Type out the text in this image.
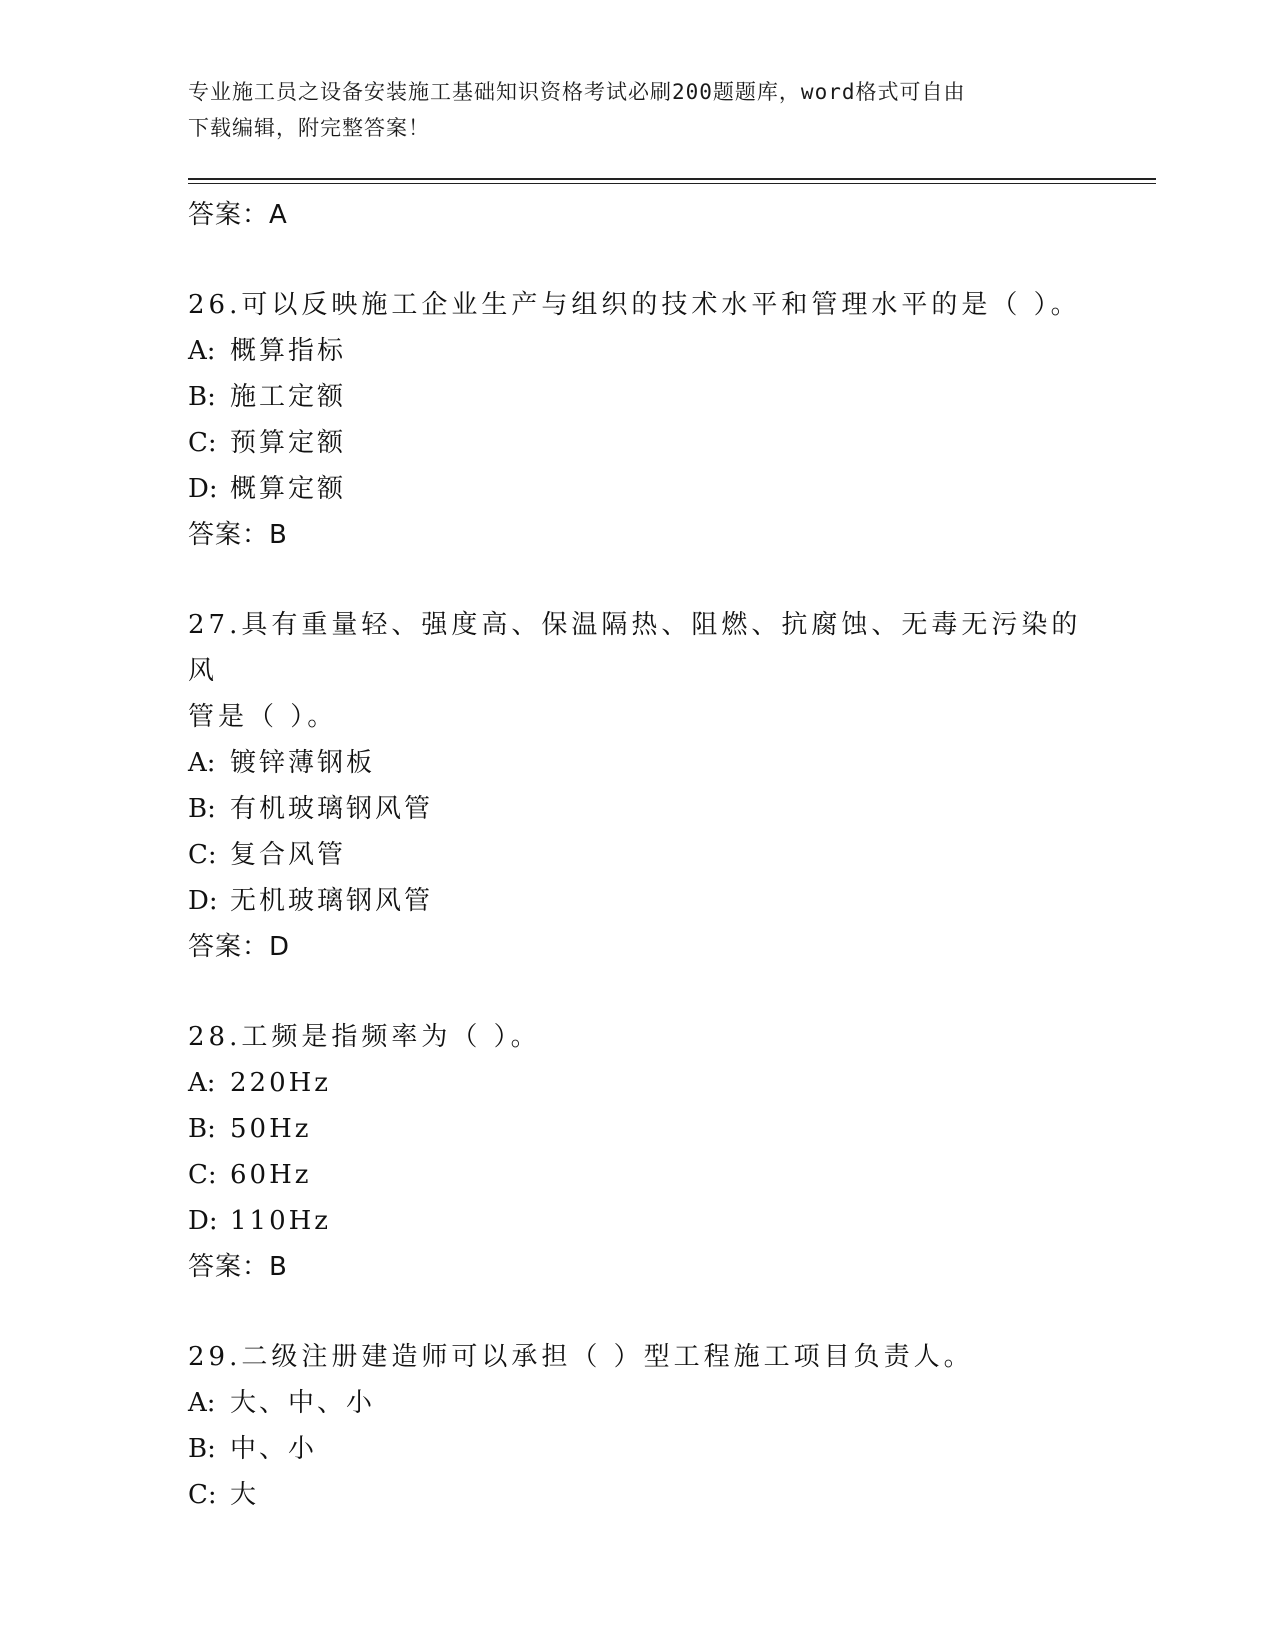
专业施工员之设备安装施工基础知识资格考试必刷200题题库，word格式可自由
下载编辑，附完整答案！
答案：A
26.可以反映施工企业生产与组织的技术水平和管理水平的是（ ）。
A: 概算指标
B: 施工定额
C: 预算定额
D: 概算定额
答案：B
27.具有重量轻、强度高、保温隔热、阻燃、抗腐蚀、无毒无污染的风
管是（ ）。
A: 镀锌薄钢板
B: 有机玻璃钢风管
C: 复合风管
D: 无机玻璃钢风管
答案：D
28.工频是指频率为（ ）。
A: 220Hz
B: 50Hz
C: 60Hz
D: 110Hz
答案：B
29.二级注册建造师可以承担（ ）型工程施工项目负责人。
A: 大、中、小
B: 中、小
C: 大
